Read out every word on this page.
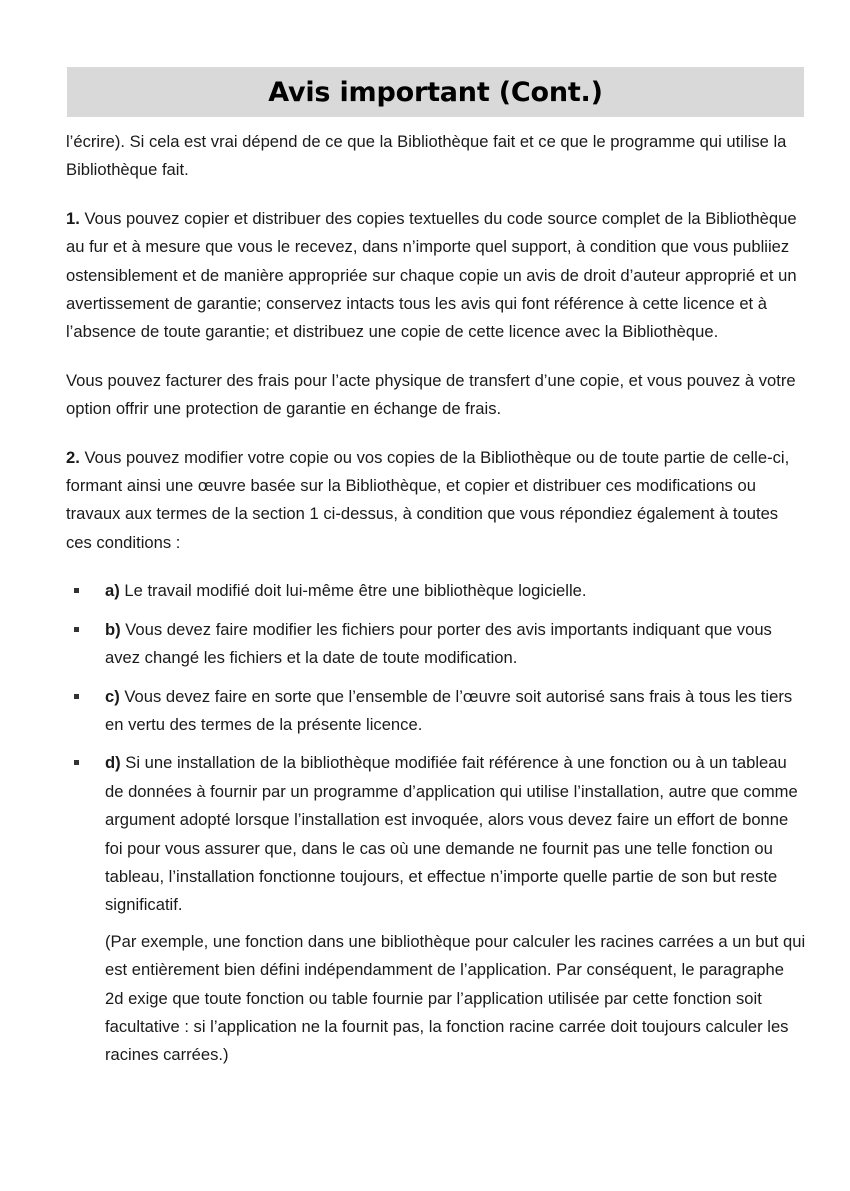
Avis important (Cont.)

l’écrire). Si cela est vrai dépend de ce que la Bibliothèque fait et ce que le programme qui utilise la Bibliothèque fait.

1. Vous pouvez copier et distribuer des copies textuelles du code source complet de la Bibliothèque au fur et à mesure que vous le recevez, dans n’importe quel support, à condition que vous publiiez ostensiblement et de manière appropriée sur chaque copie un avis de droit d’auteur approprié et un avertissement de garantie; conservez intacts tous les avis qui font référence à cette licence et à l’absence de toute garantie; et distribuez une copie de cette licence avec la Bibliothèque.

Vous pouvez facturer des frais pour l’acte physique de transfert d’une copie, et vous pouvez à votre option offrir une protection de garantie en échange de frais.

2. Vous pouvez modifier votre copie ou vos copies de la Bibliothèque ou de toute partie de celle-ci, formant ainsi une œuvre basée sur la Bibliothèque, et copier et distribuer ces modifications ou travaux aux termes de la section 1 ci-dessus, à condition que vous répondiez également à toutes ces conditions :

a) Le travail modifié doit lui-même être une bibliothèque logicielle.
b) Vous devez faire modifier les fichiers pour porter des avis importants indiquant que vous avez changé les fichiers et la date de toute modification.
c) Vous devez faire en sorte que l’ensemble de l’œuvre soit autorisé sans frais à tous les tiers en vertu des termes de la présente licence.
d) Si une installation de la bibliothèque modifiée fait référence à une fonction ou à un tableau de données à fournir par un programme d’application qui utilise l’installation, autre que comme argument adopté lorsque l’installation est invoquée, alors vous devez faire un effort de bonne foi pour vous assurer que, dans le cas où une demande ne fournit pas une telle fonction ou tableau, l’installation fonctionne toujours, et effectue n’importe quelle partie de son but reste significatif.

(Par exemple, une fonction dans une bibliothèque pour calculer les racines carrées a un but qui est entièrement bien défini indépendamment de l’application. Par conséquent, le paragraphe 2d exige que toute fonction ou table fournie par l’application utilisée par cette fonction soit facultative : si l’application ne la fournit pas, la fonction racine carrée doit toujours calculer les racines carrées.)
